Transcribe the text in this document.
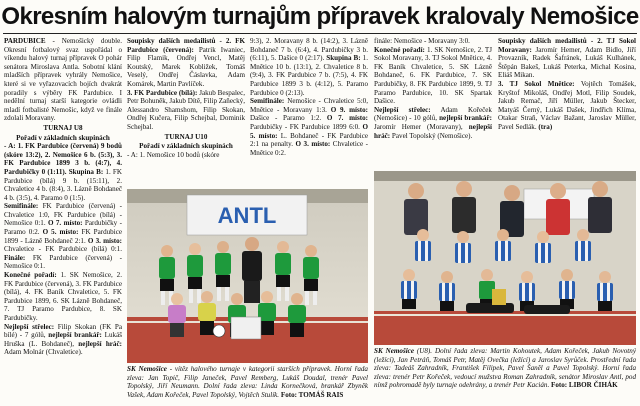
Okresním halovým turnajům přípravek kralovaly Nemošice

PARDUBICE - Nemošický double. Okresní fotbalový svaz uspořádal o víkendu halový turnaj přípravek O pohár senátora Miroslava Antla. Sobotní klání mladších přípravek vyhrály Nemošice, které si ve vyřazovacích bojích dvakrát poradily s výběry FK Pardubice. I nedělní turnaj starší kategorie ovládli mladí fotbalisté Nemošic, když ve finále zdolali Moravany.

TURNAJ U8
Pořadí v základních skupinách

- A: 1. FK Pardubice (červená) 9 bodů (skóre 13:2), 2. Nemošice 6 b. (5:3), 3. FK Pardubice 1899 3 b. (4:7), 4. Pardubičky 0 (1:11). Skupina B: 1. FK Pardubice (bílá) 9 b. (15:11), 2. Chvaletice 4 b. (8:4), 3. Lázně Bohdaneč 4 b. (3:5), 4. Paramo 0 (1:5).

Semifinále: FK Pardubice (červená) - Chvaletice 1:0, FK Pardubice (bílá) - Nemošice 0:1. O 7. místo: Pardubičky - Paramo 0:2. O 5. místo: FK Pardubice 1899 - Lázně Bohdaneč 2:1. O 3. místo: Chvaletice - FK Pardubice (bílá) 0:1. Finále: FK Pardubice (červená) - Nemošice 0:1.

Konečné pořadí: 1. SK Nemošice, 2. FK Pardubice (červená), 3. FK Pardubice (bílá), 4. FK Baník Chvaletice, 5. FK Pardubice 1899, 6. SK Lázně Bohdaneč, 7. TJ Paramo Pardubice, 8. SK Pardubičky.

Nejlepší střelec: Filip Skokan (FK Pa bílé) - 7 gólů, nejlepší brankář: Lukáš Hruška (L. Bohdaneč), nejlepší hráč: Adam Molnár (Chvaletice).

Soupisky dalších medailistů - 2. FK Pardubice (červená): Patrik Iwaniec, Filip Flamik, Ondřej Vencl, Matěj Koutský, Marek Kobližek, Tomáš Veselý, Ondřej Čáslavka, Adam Komárek, Martin Pavlíček.

3. FK Pardubice (bílá): Jakub Bespalec, Petr Bohuněk, Jakub Dítě, Filip Zaňecký, Alessandro Shamshom, Filip Skokan, Ondřej Kučera, Filip Schejbal, Dominik Schejbal.

TURNAJ U10
Pořadí v základních skupinách

- A: 1. Nemošice 10 bodů (skóre

9:3), 2. Moravany 8 b. (14:2), 3. Lázně Bohdaneč 7 b. (6:4), 4. Pardubičky 3 b. (6:11), 5. Dašice 0 (2:17). Skupina B: 1. Mnětice 10 b. (13:1), 2. Chvaletice 8 b. (9:4), 3. FK Pardubice 7 b. (7:5), 4. FK Pardubice 1899 3 b. (4:12), 5. Paramo Pardubice 0 (2:13).

Semifinále: Nemošice - Chvaletice 5:0, Mnětice - Moravany 1:3. O 9. místo: Dašice - Paramo 1:2. O 7. místo: Pardubičky - FK Pardubice 1899 6:0. O 5. místo: L. Bohdaneč - FK Pardubice 2:1 na penalty. O 3. místo: Chvaletice - Mnětice 0:2.

finále: Nemošice - Moravany 3:0.

Konečné pořadí: 1. SK Nemošice, 2. TJ Sokol Moravany, 3. TJ Sokol Mnětice, 4. FK Baník Chvaletice, 5. SK Lázně Bohdaneč, 6. FK Pardubice, 7. SK Pardubičky, 8. FK Pardubice 1899, 9. TJ Paramo Pardubice, 10. SK Spartak Dašice.

Nejlepší střelec: Adam Kořeček (Nemošice) - 10 gólů, nejlepší brankář: Jaromír Hemer (Moravany), nejlepší hráč: Pavel Topolský (Nemošice).

Soupisky dalších medailistů - 2. TJ Sokol Moravany: Jaromír Hemer, Adam Bidlo, Jiří Provazník, Radek Šafránek, Lukáš Kulhánek, Štěpán Bakeš, Lukáš Peterka, Michal Kosina, Eliáš Mikan.

3. TJ Sokol Mnětice: Vojtěch Tomášek, Kryštof Mikoláš, Ondřej Motl, Filip Soudek, Jakub Remač, Jiří Müller, Jakub Štecker, Matyáš Černý, Lukáš Dašek, Jindřich Klíma, Otakar Straň, Václav Bažant, Jaroslav Müller, Pavel Sedlák. (tra)

ANTL
SK Nemošice - vítěz halového turnaje v kategorii starších přípravek. Horní řada zleva: Jan Topič, Filip Janeček, Pavel Remberg, Lukáš Doudal, trenér Pavel Topolský, Jiří Neumann. Dolní řada zleva: Linda Kornečková, brankář Zbyněk Vašek, Adam Kořeček, Pavel Topolský, Vojtěch Stulík. Foto: TOMÁŠ RAIS
SK Nemošice (U8). Dolní řada zleva: Martin Kohoutek, Adam Kořeček, Jakub Novotný (ležící), Jan Petráň, Tomáš Petr, Matěj Ovečka (ležící) a Jaroslav Syrůček. Prostřední řada zleva: Tadeáš Zahradník, František Filipek, Pavel Šaněl a Pavel Topolský. Horní řada zleva: trenér Petr Kořeček, vedoucí mužstva Roman Zahradník, senátor Miroslav Antl, pod nímž pohromadě byly turnaje odehrány, a trenér Petr Kacián. Foto: LIBOR ČIHÁK
